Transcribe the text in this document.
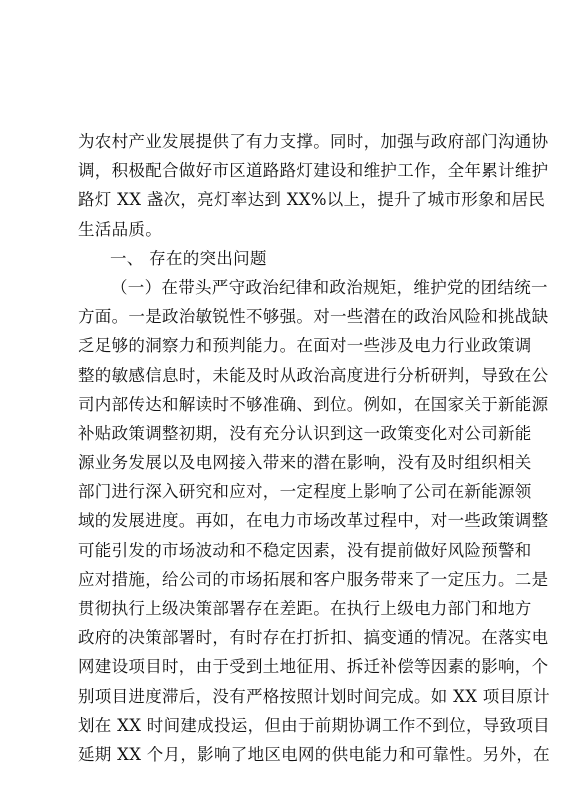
为农村产业发展提供了有力支撑。同时，加强与政府部门沟通协
调，积极配合做好市区道路路灯建设和维护工作，全年累计维护
路灯 XX 盏次，亮灯率达到 XX%以上，提升了城市形象和居民
生活品质。
一、 存在的突出问题
（一）在带头严守政治纪律和政治规矩，维护党的团结统一
方面。一是政治敏锐性不够强。对一些潜在的政治风险和挑战缺
乏足够的洞察力和预判能力。在面对一些涉及电力行业政策调
整的敏感信息时，未能及时从政治高度进行分析研判，导致在公
司内部传达和解读时不够准确、到位。例如，在国家关于新能源
补贴政策调整初期，没有充分认识到这一政策变化对公司新能
源业务发展以及电网接入带来的潜在影响，没有及时组织相关
部门进行深入研究和应对，一定程度上影响了公司在新能源领
域的发展进度。再如，在电力市场改革过程中，对一些政策调整
可能引发的市场波动和不稳定因素，没有提前做好风险预警和
应对措施，给公司的市场拓展和客户服务带来了一定压力。二是
贯彻执行上级决策部署存在差距。在执行上级电力部门和地方
政府的决策部署时，有时存在打折扣、搞变通的情况。在落实电
网建设项目时，由于受到土地征用、拆迁补偿等因素的影响，个
别项目进度滞后，没有严格按照计划时间完成。如 XX 项目原计
划在 XX 时间建成投运，但由于前期协调工作不到位，导致项目
延期 XX 个月，影响了地区电网的供电能力和可靠性。另外，在
